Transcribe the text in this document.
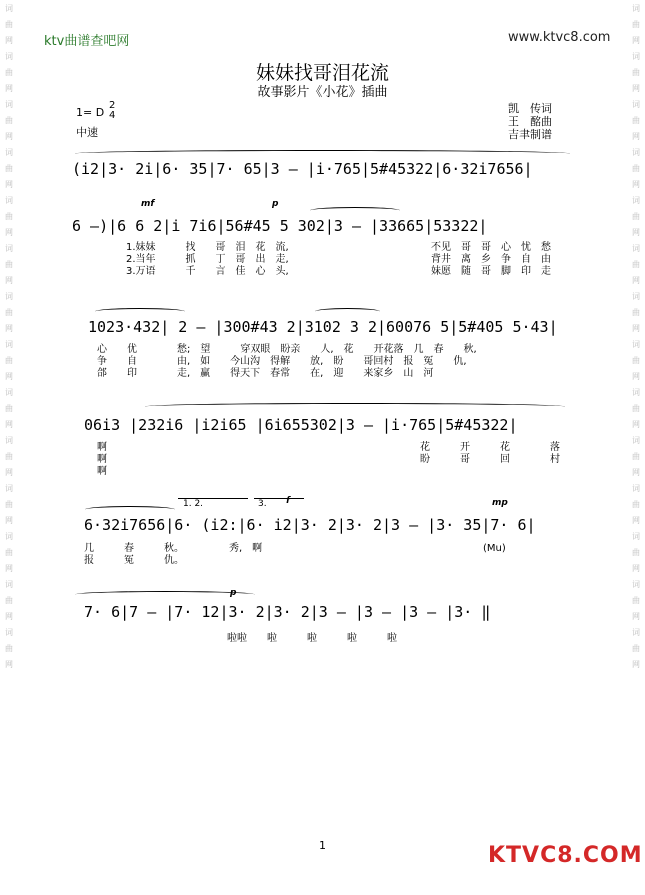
词
曲
网
词
曲
网
词
曲
网
词
曲
网
词
曲
网
词
曲
网
词
曲
网
词
曲
网
词
曲
网
词
曲
网
词
曲
网
词
曲
网
词
曲
网
词
曲
网
词
曲
网
词
曲
网
词
曲
网
词
曲
网
词
曲
网
词
曲
网
词
曲
网
词
曲
网
词
曲
网
词
曲
网
词
曲
网
词
曲
网
词
曲
网
词
曲
网
ktv曲谱查吧网	www.ktvc8.com
妹妹找哥泪花流
故事影片《小花》插曲
1= D
2
4
中速
凯　传词
王　酩曲
吉聿制谱
(i2|3· 2i|6· 35|7· 65|3 — |i·765|5#45322|6·32i7656|
6 —)|6 6 2|i 7i6|56#45 5 302|3 — |33665|53322|
mf	p
1.妹妹　　　	找　　 哥　 泪　 花　 流,
2.当年　　　	抓　　 丁　 哥　 出　 走,
3.万语　　　	千　　 言　 佳　 心　 头,
不见　 哥　 哥　 心　 忧　 愁
背井　 离　 乡　 争　 自　 由
妹愿　 随　 哥　 脚　 印　 走
1023·432| 2 — |300#43 2|3102 3 2|60076 5|5#405 5·43|
心　　优　　　　愁;　望　　　穿双眼　盼亲　　人,　花　　开花落　几　春　　秋,
争　　自　　　　由,　如　　今山沟　得解　　放,　盼　　哥回村　报　冤　　仇,
郃　　印　　　　走,　赢　　得天下　春常　　在,　迎　　来家乡　山　河
06i3 |232i6 |i2i65 |6i655302|3 — |i·765|5#45322|
啊
啊
啊
花　　　开　　　花　　　　落
盼　　　哥　　　回　　　　村
1. 2.	3. f	mp
6·32i7656|6· (i2:|6· i2|3· 2|3· 2|3 — |3· 35|7· 6|
几　　　春　　　秋。　　　　　秀,　啊
报　　　冤　　　仇。
(Mu)
p
7· 6|7 — |7· 12|3· 2|3· 2|3 — |3 — |3 — |3· ‖
啦啦　　啦　　　啦　　　啦　　　啦
1	KTVC8.COM
